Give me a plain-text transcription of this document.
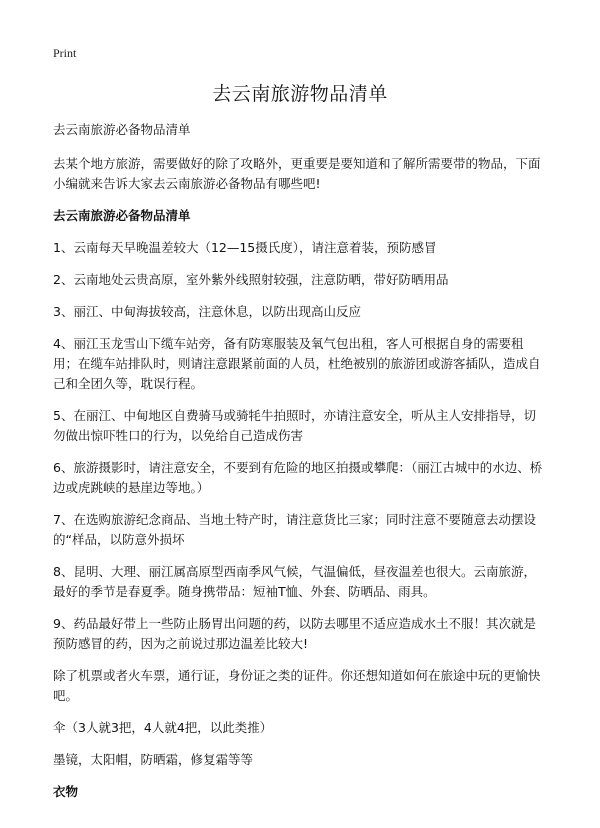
Print
去云南旅游物品清单

去云南旅游必备物品清单

去某个地方旅游，需要做好的除了攻略外，更重要是要知道和了解所需要带的物品，下面小编就来告诉大家去云南旅游必备物品有哪些吧!

去云南旅游必备物品清单

1、云南每天早晚温差较大（12—15摄氏度），请注意着装，预防感冒

2、云南地处云贵高原，室外紫外线照射较强，注意防晒，带好防晒用品

3、丽江、中甸海拔较高，注意休息，以防出现高山反应

4、丽江玉龙雪山下缆车站旁，备有防寒服装及氧气包出租，客人可根据自身的需要租用；在缆车站排队时，则请注意跟紧前面的人员，杜绝被别的旅游团或游客插队，造成自己和全团久等，耽误行程。

5、在丽江、中甸地区自费骑马或骑牦牛拍照时，亦请注意安全，听从主人安排指导，切勿做出惊吓牲口的行为，以免给自己造成伤害

6、旅游摄影时，请注意安全，不要到有危险的地区拍摄或攀爬：（丽江古城中的水边、桥边或虎跳峡的悬崖边等地。）

7、在选购旅游纪念商品、当地土特产时，请注意货比三家；同时注意不要随意去动摆设的“样品，以防意外损坏

8、昆明、大理、丽江属高原型西南季风气候，气温偏低，昼夜温差也很大。云南旅游，最好的季节是春夏季。随身携带品：短袖T恤、外套、防晒品、雨具。

9、药品最好带上一些防止肠胃出问题的药，以防去哪里不适应造成水土不服！其次就是预防感冒的药，因为之前说过那边温差比较大!

除了机票或者火车票，通行证，身份证之类的证件。你还想知道如何在旅途中玩的更愉快吧。

伞（3人就3把，4人就4把，以此类推）

墨镜，太阳帽，防晒霜，修复霜等等

衣物
